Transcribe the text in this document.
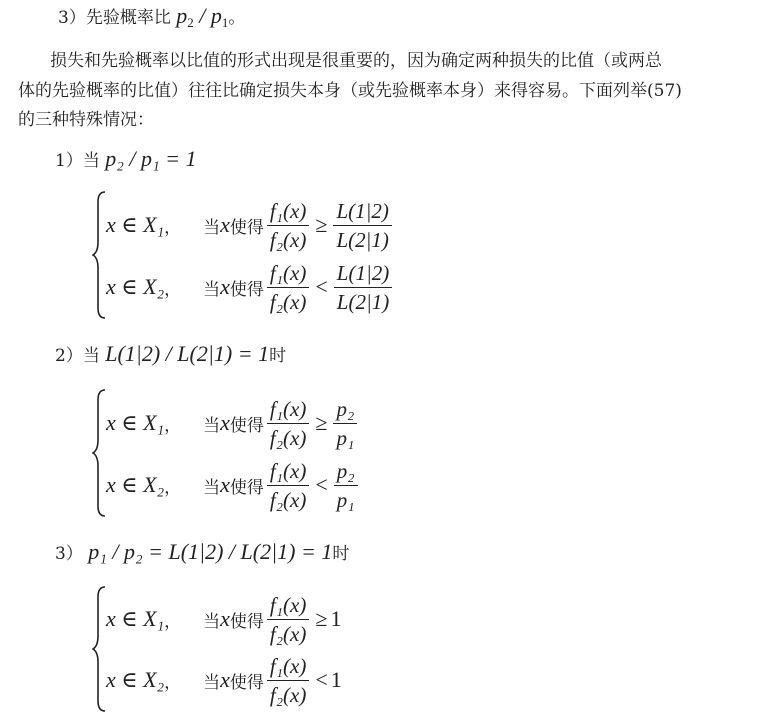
3）先验概率比 $p_2 / p_1$。
损失和先验概率以比值的形式出现是很重要的，因为确定两种损失的比值（或两总
体的先验概率的比值）往往比确定损失本身（或先验概率本身）来得容易。下面列举(57)
的三种特殊情况：
1）当 p₂ / p₁ = 1
x ∈ X₁ ， 当 x 使得 $\frac{\text{f₁(x)}}{\text{f₂(x)}} \ge \frac{L(1|2)}{L(2|1)}$
x ∈ X₂ ， 当 x 使得 $\frac{\text{f₁(x)}}{\text{f₂(x)}} < \frac{L(1|2)}{L(2|1)}$
2）当 L(1|2) / L(2|1) = 1时
x ∈ X₁ ， 当 x 使得 $\frac{\text{f₁(x)}}{\text{f₂(x)}} \ge \frac{\text{p₂}}{\text{p₁}}$
x ∈ X₂ ， 当 x 使得 $\frac{\text{f₁(x)}}{\text{f₂(x)}} < \frac{\text{p₂}}{\text{p₁}}$
3） p₁ / p₂ = L(1|2) / L(2|1) = 1时
x ∈ X₁ ， 当 x 使得 $\frac{\text{f₁(x)}}{\text{f₂(x)}} \ge 1$
x ∈ X₂ ， 当 x 使得 $\frac{\text{f₁(x)}}{\text{f₂(x)}} < 1$
